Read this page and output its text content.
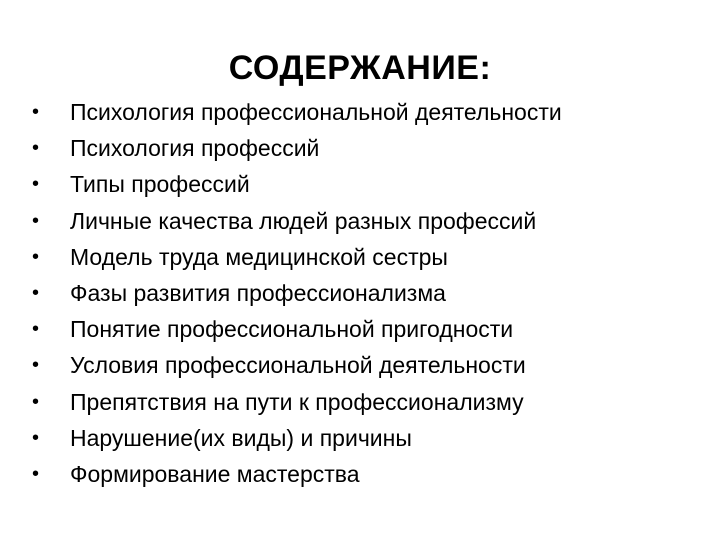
СОДЕРЖАНИЕ:
•	Психология профессиональной деятельности
•	Психология профессий
•	Типы профессий
•	Личные качества людей разных профессий
•	Модель труда медицинской сестры
•	Фазы развития профессионализма
•	Понятие профессиональной пригодности
•	Условия профессиональной деятельности
•	Препятствия на пути к профессионализму
•	Нарушение(их виды) и причины
•	Формирование мастерства
